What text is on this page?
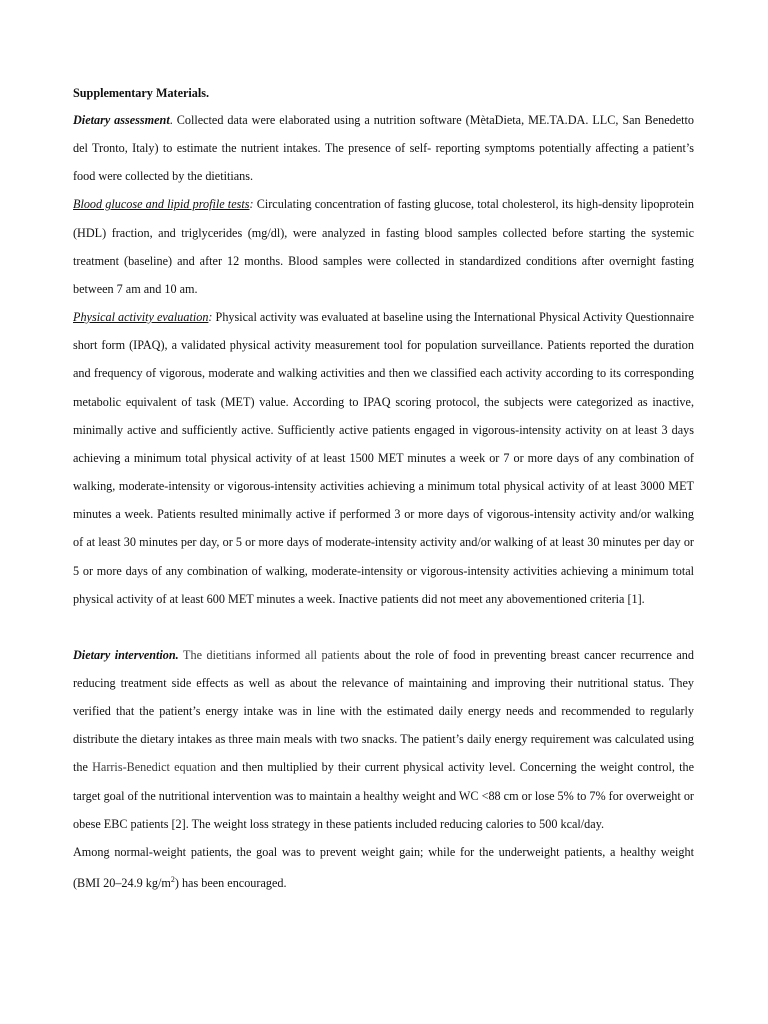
Supplementary Materials.

Dietary assessment. Collected data were elaborated using a nutrition software (MètaDieta, ME.TA.DA. LLC, San Benedetto del Tronto, Italy) to estimate the nutrient intakes. The presence of self- reporting symptoms potentially affecting a patient’s food were collected by the dietitians.

Blood glucose and lipid profile tests: Circulating concentration of fasting glucose, total cholesterol, its high-density lipoprotein (HDL) fraction, and triglycerides (mg/dl), were analyzed in fasting blood samples collected before starting the systemic treatment (baseline) and after 12 months. Blood samples were collected in standardized conditions after overnight fasting between 7 am and 10 am.

Physical activity evaluation: Physical activity was evaluated at baseline using the International Physical Activity Questionnaire short form (IPAQ), a validated physical activity measurement tool for population surveillance. Patients reported the duration and frequency of vigorous, moderate and walking activities and then we classified each activity according to its corresponding metabolic equivalent of task (MET) value. According to IPAQ scoring protocol, the subjects were categorized as inactive, minimally active and sufficiently active. Sufficiently active patients engaged in vigorous-intensity activity on at least 3 days achieving a minimum total physical activity of at least 1500 MET minutes a week or 7 or more days of any combination of walking, moderate-intensity or vigorous-intensity activities achieving a minimum total physical activity of at least 3000 MET minutes a week. Patients resulted minimally active if performed 3 or more days of vigorous-intensity activity and/or walking of at least 30 minutes per day, or 5 or more days of moderate-intensity activity and/or walking of at least 30 minutes per day or 5 or more days of any combination of walking, moderate-intensity or vigorous-intensity activities achieving a minimum total physical activity of at least 600 MET minutes a week. Inactive patients did not meet any abovementioned criteria [1].

Dietary intervention. The dietitians informed all patients about the role of food in preventing breast cancer recurrence and reducing treatment side effects as well as about the relevance of maintaining and improving their nutritional status. They verified that the patient’s energy intake was in line with the estimated daily energy needs and recommended to regularly distribute the dietary intakes as three main meals with two snacks. The patient’s daily energy requirement was calculated using the Harris-Benedict equation and then multiplied by their current physical activity level. Concerning the weight control, the target goal of the nutritional intervention was to maintain a healthy weight and WC <88 cm or lose 5% to 7% for overweight or obese EBC patients [2]. The weight loss strategy in these patients included reducing calories to 500 kcal/day.

Among normal-weight patients, the goal was to prevent weight gain; while for the underweight patients, a healthy weight (BMI 20–24.9 $kg/m^2$) has been encouraged.
